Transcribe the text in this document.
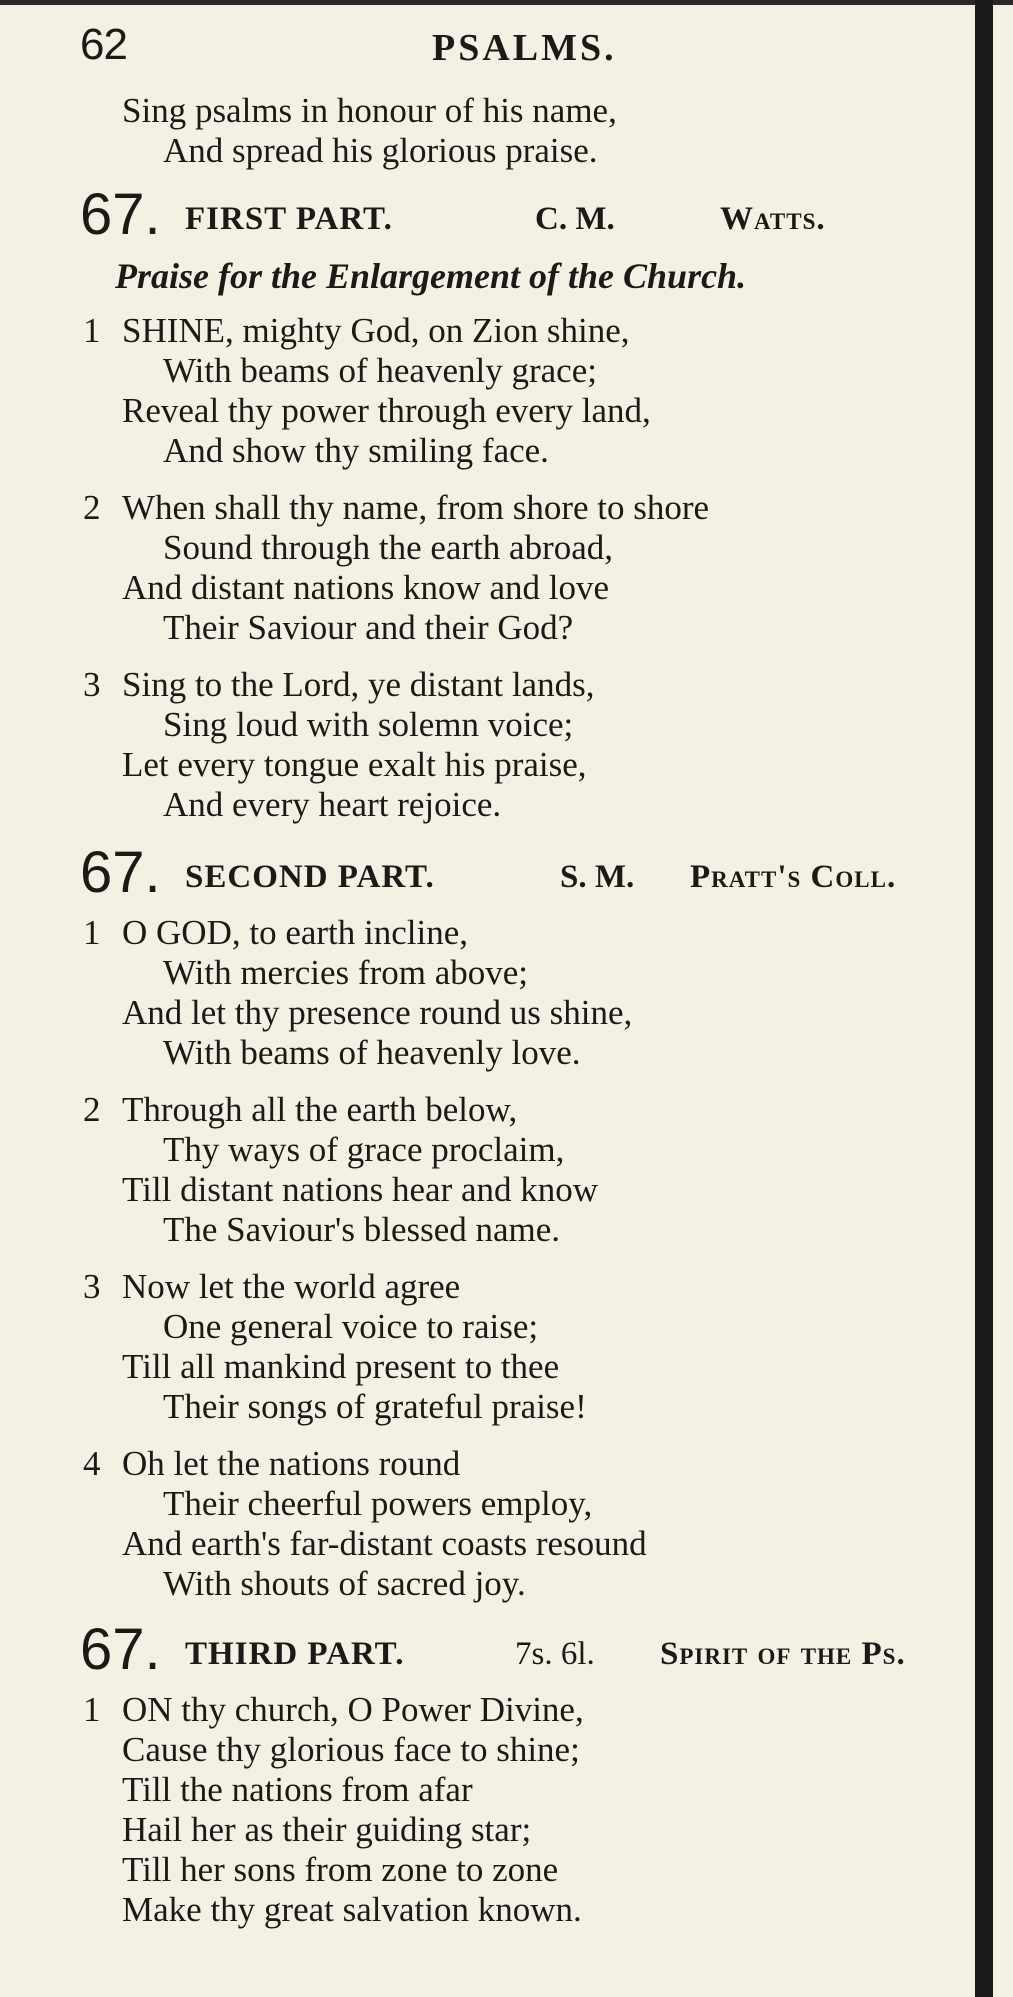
62	PSALMS.
Sing psalms in honour of his name,
And spread his glorious praise.
67. FIRST PART.	C. M.	Watts.
Praise for the Enlargement of the Church.
1 SHINE, mighty God, on Zion shine,
With beams of heavenly grace;
Reveal thy power through every land,
And show thy smiling face.
2 When shall thy name, from shore to shore
Sound through the earth abroad,
And distant nations know and love
Their Saviour and their God?
3 Sing to the Lord, ye distant lands,
Sing loud with solemn voice;
Let every tongue exalt his praise,
And every heart rejoice.
67. SECOND PART.	S. M. Pratt's Coll.
1 O GOD, to earth incline,
With mercies from above;
And let thy presence round us shine,
With beams of heavenly love.
2 Through all the earth below,
Thy ways of grace proclaim,
Till distant nations hear and know
The Saviour's blessed name.
3 Now let the world agree
One general voice to raise;
Till all mankind present to thee
Their songs of grateful praise!
4 Oh let the nations round
Their cheerful powers employ,
And earth's far-distant coasts resound
With shouts of sacred joy.
67. THIRD PART.	7s. 6l. Spirit of the Ps.
1 ON thy church, O Power Divine,
Cause thy glorious face to shine;
Till the nations from afar
Hail her as their guiding star;
Till her sons from zone to zone
Make thy great salvation known.
